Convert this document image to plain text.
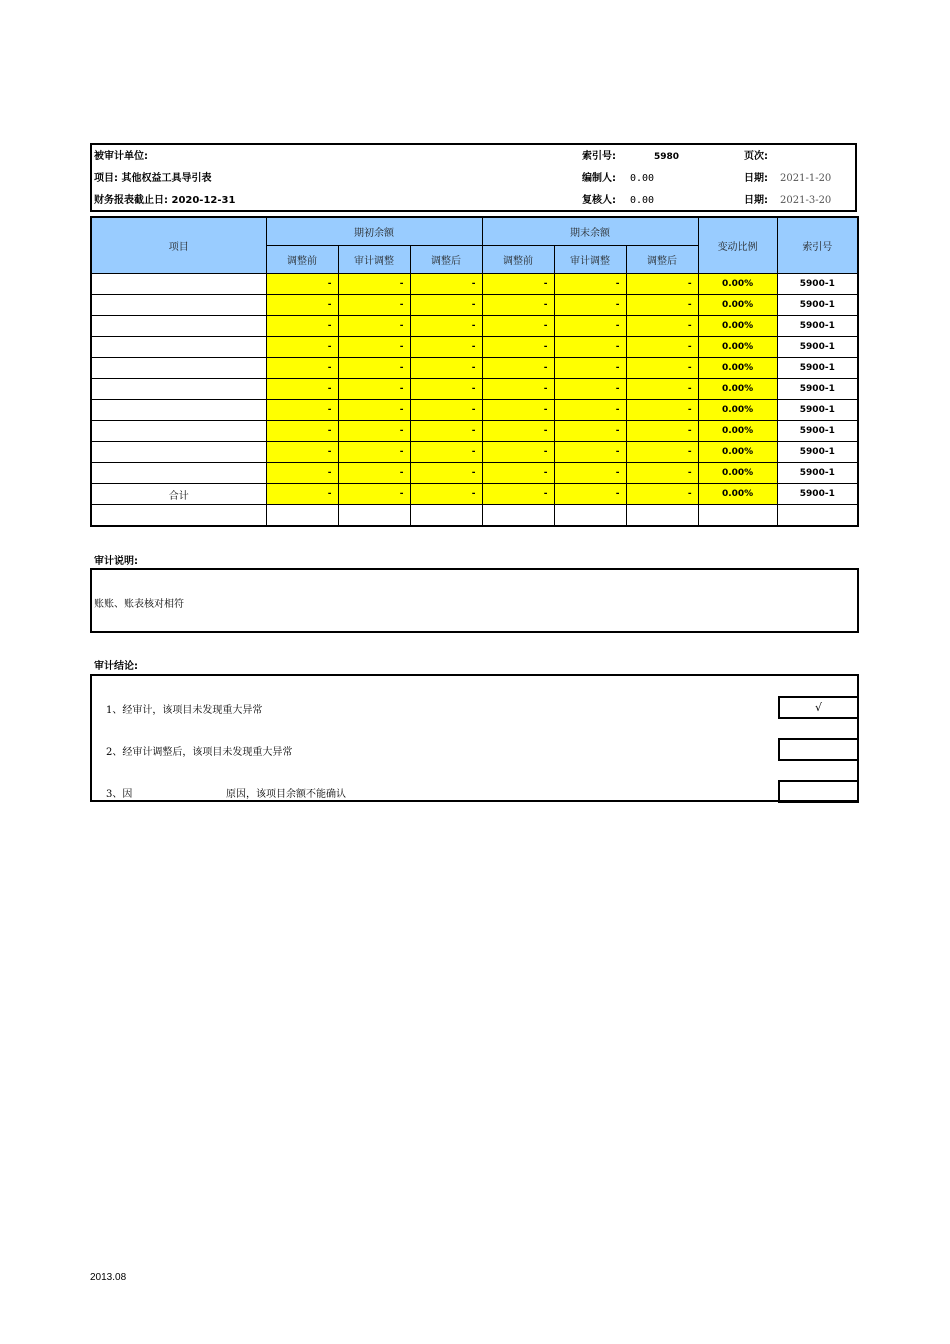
被审计单位:	索引号:	5980	页次:
项目: 其他权益工具导引表	编制人: 0.00	日期: 2021-1-20
财务报表截止日: 2020-12-31	复核人: 0.00	日期: 2021-3-20
项目	期初余额			期末余额			变动比例	索引号
	调整前	审计调整	调整后	调整前	审计调整	调整后		
	-	-	-	-	-	-	0.00%	5900-1
	-	-	-	-	-	-	0.00%	5900-1
	-	-	-	-	-	-	0.00%	5900-1
	-	-	-	-	-	-	0.00%	5900-1
	-	-	-	-	-	-	0.00%	5900-1
	-	-	-	-	-	-	0.00%	5900-1
	-	-	-	-	-	-	0.00%	5900-1
	-	-	-	-	-	-	0.00%	5900-1
	-	-	-	-	-	-	0.00%	5900-1
	-	-	-	-	-	-	0.00%	5900-1
合计	-	-	-	-	-	-	0.00%	5900-1

审计说明:
账账、账表核对相符
审计结论:
1、经审计，该项目未发现重大异常	√
2、经审计调整后，该项目未发现重大异常
3、因	原因，该项目余额不能确认
2013.08
